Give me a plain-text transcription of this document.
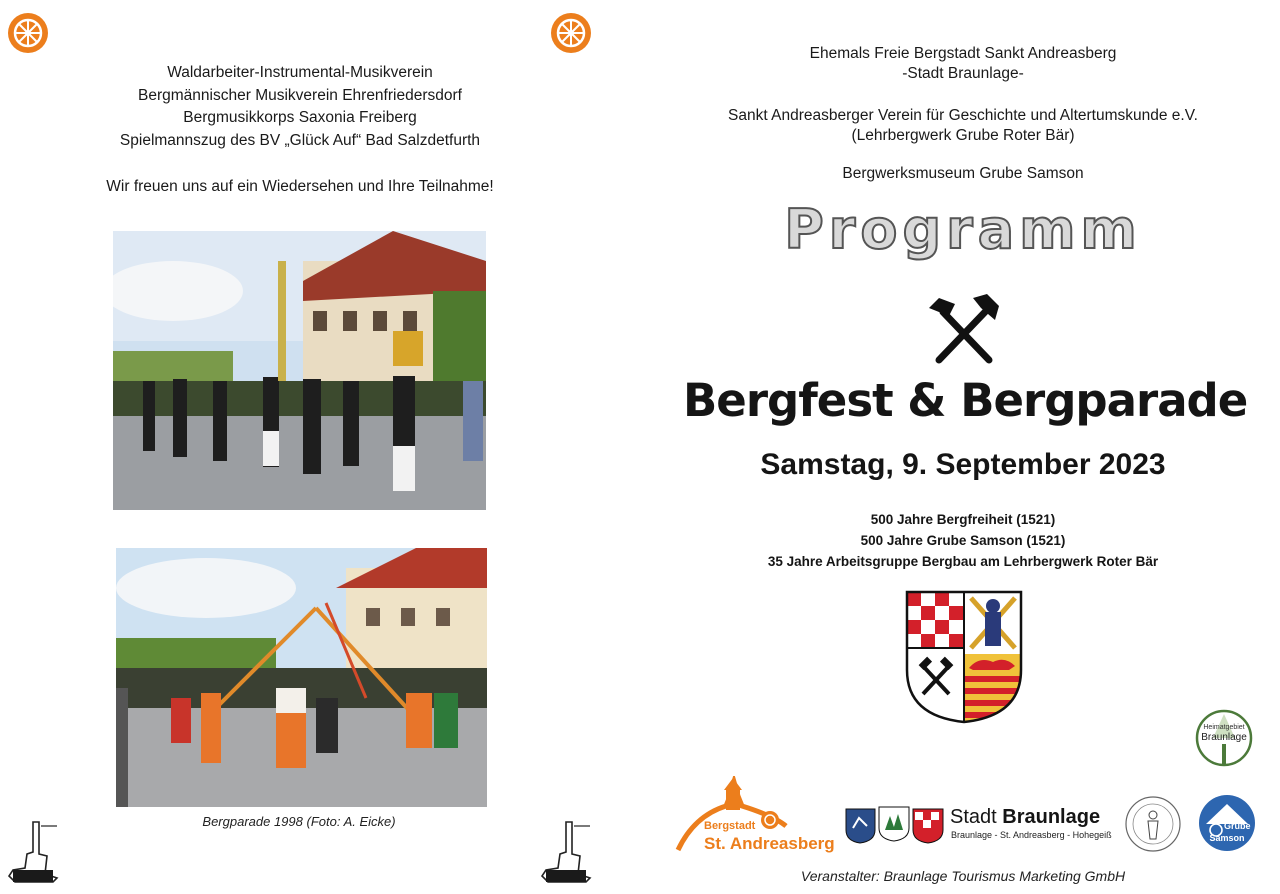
Waldarbeiter-Instrumental-Musikverein
Bergmännischer Musikverein Ehrenfriedersdorf
Bergmusikkorps Saxonia Freiberg
Spielmannszug des BV „Glück Auf“ Bad Salzdetfurth
Wir freuen uns auf ein Wiedersehen und Ihre Teilnahme!
Bergparade 1998 (Foto: A. Eicke)
Ehemals Freie Bergstadt Sankt Andreasberg
-Stadt Braunlage-
Sankt Andreasberger Verein für Geschichte und Altertumskunde e.V.
(Lehrbergwerk Grube Roter Bär)
Bergwerksmuseum Grube Samson
Programm
Bergfest & Bergparade
Samstag, 9. September 2023
500 Jahre Bergfreiheit (1521)
500 Jahre Grube Samson (1521)
35 Jahre Arbeitsgruppe Bergbau am Lehrbergwerk Roter Bär
Heimatgebiet
Braunlage
Bergstadt
St. Andreasberg
Stadt Braunlage
Braunlage - St. Andreasberg - Hohegeiß
Grube
Samson
Veranstalter: Braunlage Tourismus Marketing GmbH
